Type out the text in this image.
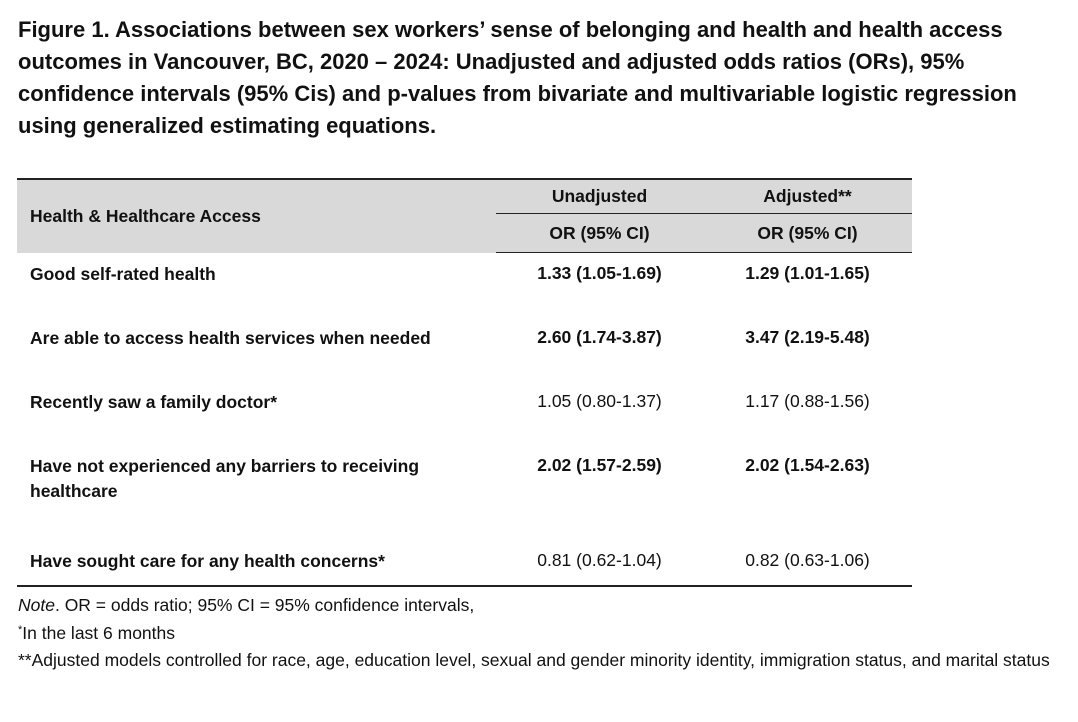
Figure 1. Associations between sex workers’ sense of belonging and health and health access outcomes in Vancouver, BC, 2020 – 2024: Unadjusted and adjusted odds ratios (ORs), 95% confidence intervals (95% Cis) and p-values from bivariate and multivariable logistic regression using generalized estimating equations.
Health & Healthcare Access	Unadjusted	Adjusted**
	OR (95% CI)	OR (95% CI)
Good self-rated health	1.33 (1.05-1.69)	1.29 (1.01-1.65)
Are able to access health services when needed	2.60 (1.74-3.87)	3.47 (2.19-5.48)
Recently saw a family doctor*	1.05 (0.80-1.37)	1.17 (0.88-1.56)
Have not experienced any barriers to receiving healthcare	2.02 (1.57-2.59)	2.02 (1.54-2.63)
Have sought care for any health concerns*	0.81 (0.62-1.04)	0.82 (0.63-1.06)

Note. OR = odds ratio; 95% CI = 95% confidence intervals,

*In the last 6 months

**Adjusted models controlled for race, age, education level, sexual and gender minority identity, immigration status, and marital status
